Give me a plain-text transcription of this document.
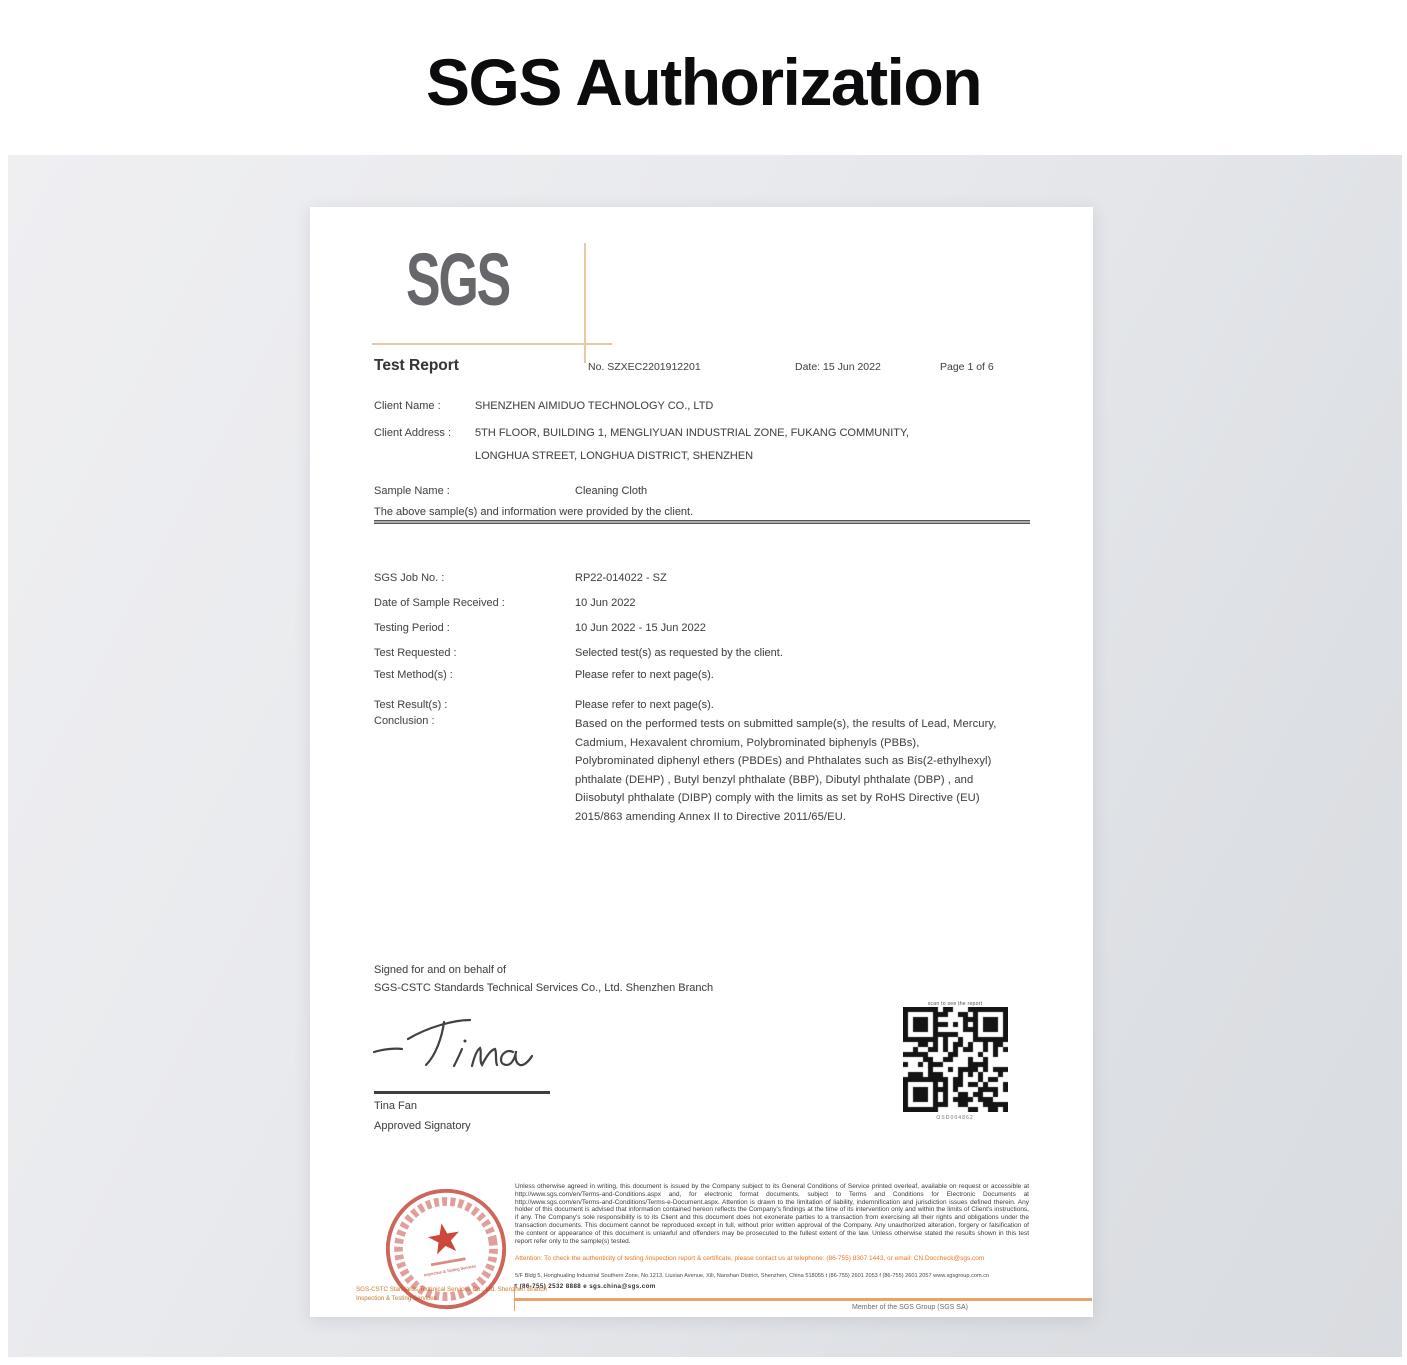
SGS Authorization
SGS
Test Report	No. SZXEC2201912201	Date: 15 Jun 2022	Page 1 of 6
Client Name :	SHENZHEN AIMIDUO TECHNOLOGY CO., LTD
Client Address : 5TH FLOOR, BUILDING 1, MENGLIYUAN INDUSTRIAL ZONE, FUKANG COMMUNITY,
LONGHUA STREET, LONGHUA DISTRICT, SHENZHEN
Sample Name :	Cleaning Cloth
The above sample(s) and information were provided by the client.
SGS Job No. :	RP22-014022 - SZ
Date of Sample Received :	10 Jun 2022
Testing Period :	10 Jun 2022 - 15 Jun 2022
Test Requested :	Selected test(s) as requested by the client.
Test Method(s) :	Please refer to next page(s).
Test Result(s) :	Please refer to next page(s).
Conclusion :	Based on the performed tests on submitted sample(s), the results of Lead, Mercury, Cadmium, Hexavalent chromium, Polybrominated biphenyls (PBBs), Polybrominated diphenyl ethers (PBDEs) and Phthalates such as Bis(2-ethylhexyl) phthalate (DEHP) , Butyl benzyl phthalate (BBP), Dibutyl phthalate (DBP) , and Diisobutyl phthalate (DIBP) comply with the limits as set by RoHS Directive (EU) 2015/863 amending Annex II to Directive 2011/65/EU.
Signed for and on behalf of
SGS-CSTC Standards Technical Services Co., Ltd. Shenzhen Branch
Tina Fan
Approved Signatory
scan to see the report
OSD004862
Inspection & Testing Services
SGS-CSTC Standards Technical Services Co., Ltd. Shenzhen Branch
Inspection & Testing Services
Unless otherwise agreed in writing, this document is issued by the Company subject to its General Conditions of Service printed overleaf, available on request or accessible at http://www.sgs.com/en/Terms-and-Conditions.aspx and, for electronic format documents, subject to Terms and Conditions for Electronic Documents at http://www.sgs.com/en/Terms-and-Conditions/Terms-e-Document.aspx. Attention is drawn to the limitation of liability, indemnification and jurisdiction issues defined therein. Any holder of this document is advised that information contained hereon reflects the Company's findings at the time of its intervention only and within the limits of Client's instructions, if any. The Company's sole responsibility is to its Client and this document does not exonerate parties to a transaction from exercising all their rights and obligations under the transaction documents. This document cannot be reproduced except in full, without prior written approval of the Company. Any unauthorized alteration, forgery or falsification of the content or appearance of this document is unlawful and offenders may be prosecuted to the fullest extent of the law. Unless otherwise stated the results shown in this test report refer only to the sample(s) tested.
Attention: To check the authenticity of testing /inspection report & certificate, please contact us at telephone: (86-755) 8307 1443, or email: CN.Doccheck@sgs.com
5/F Bldg 5, Honghualing Industrial Southern Zone, No.1213, Liuxian Avenue, Xili, Nanshan District, Shenzhen, China 518055 t (86-755) 2601 2053 f (86-755) 2601 2057 www.sgsgroup.com.cn
t (86-755) 2532 8888 e sgs.china@sgs.com
Member of the SGS Group (SGS SA)
